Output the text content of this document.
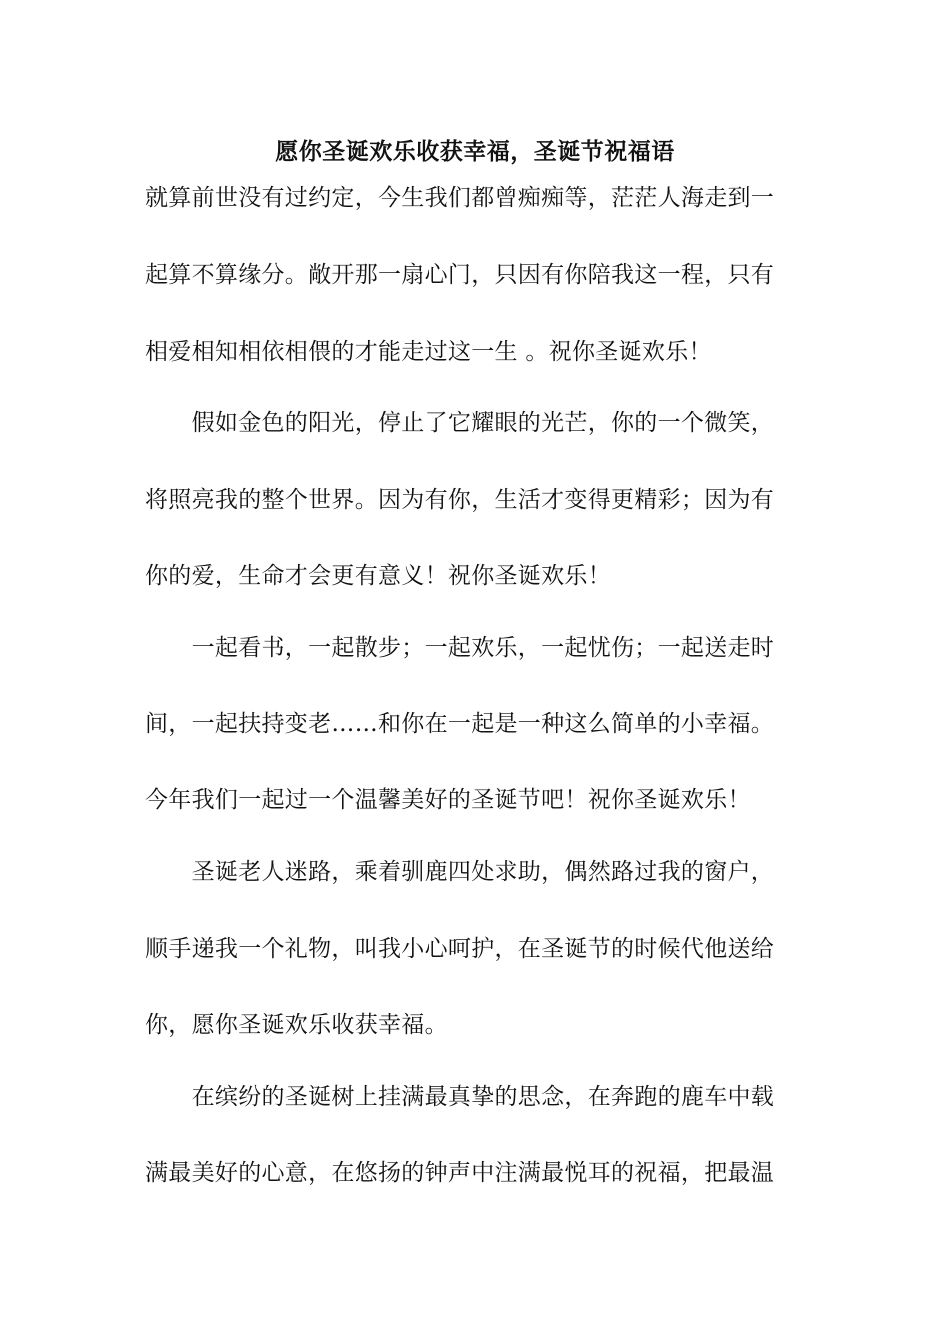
愿你圣诞欢乐收获幸福，圣诞节祝福语
就算前世没有过约定，今生我们都曾痴痴等，茫茫人海走到一
起算不算缘分。敞开那一扇心门，只因有你陪我这一程，只有
相爱相知相依相偎的才能走过这一生 。祝你圣诞欢乐！
　　假如金色的阳光，停止了它耀眼的光芒，你的一个微笑，
将照亮我的整个世界。因为有你，生活才变得更精彩；因为有
你的爱，生命才会更有意义！祝你圣诞欢乐！
　　一起看书，一起散步；一起欢乐，一起忧伤；一起送走时
间，一起扶持变老……和你在一起是一种这么简单的小幸福。
今年我们一起过一个温馨美好的圣诞节吧！祝你圣诞欢乐！
　　圣诞老人迷路，乘着驯鹿四处求助，偶然路过我的窗户，
顺手递我一个礼物，叫我小心呵护，在圣诞节的时候代他送给
你，愿你圣诞欢乐收获幸福。
　　在缤纷的圣诞树上挂满最真挚的思念，在奔跑的鹿车中载
满最美好的心意，在悠扬的钟声中注满最悦耳的祝福，把最温
